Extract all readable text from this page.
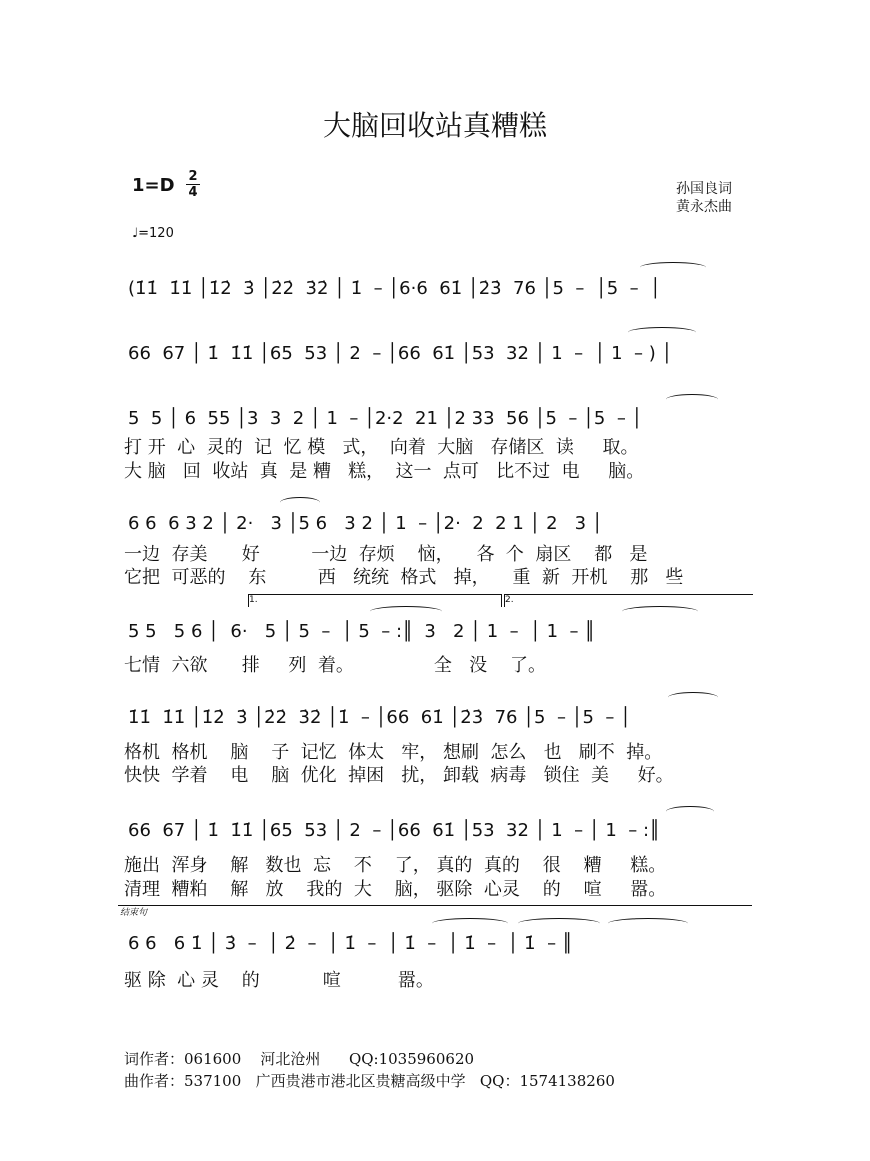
大脑回收站真糟糕
1=D 2
4
♩=120
孙国良词
黄永杰曲
(1̇1̇  1̇1̇ │1̇2̇  3̇ │2̇2̇  3̇2̇ │ 1̇  – │6·6  61̇ │2̇3̇  76 │5  –  │5  –  │
66  67 │ 1̇  1̇1̇ │65  53 │ 2  – │66  61̇ │53  32 │ 1  –  │ 1  – ) │
5  5 │ 6  55 │3  3  2 │ 1  – │2·2  21 │2 33  56 │5  – │5  – │
打 开  心  灵的  记  忆 模   式，  向着  大脑   存储区  读     取。
大 脑   回  收站  真  是 糟   糕，  这一  点可   比不过  电     脑。
6 6  6 3 2 │ 2·   3 │5 6   3 2 │ 1  – │2·  2  2 1 │ 2   3 │
一边  存美      好         一边  存烦    恼，    各  个  扇区    都   是
它把  可恶的    东         西   统统  格式   掉，    重  新  开机    那   些
1.	2.
5 5   5 6 │  6·   5 │ 5  –  │ 5  – :║  3   2 │ 1  –  │ 1  – ║
七情  六欲      排     列  着。              全   没    了。
1̇1̇  1̇1̇ │1̇2̇  3̇ │2̇2̇  3̇2̇ │1̇  – │66  61̇ │2̇3̇  76 │5  – │5  – │
格机  格机    脑    子  记忆  体太   牢， 想刷  怎么   也   刷不  掉。
快快  学着    电    脑  优化  掉困   扰， 卸载  病毒   锁住  美     好。
66  67 │ 1̇  1̇1̇ │65  53 │ 2  – │66  61̇ │53  32 │ 1  – │ 1  – :║
施出  浑身    解   数也  忘    不    了， 真的  真的    很    糟     糕。
清理  糟粕    解   放    我的  大    脑， 驱除  心灵    的    喧     嚣。
结束句
6 6   6 1̇ │ 3̇  –  │ 2̇  –  │ 1̇  –  │ 1̇  –  │ 1̇  –  │ 1̇  – ║
驱 除  心 灵    的           喧          嚣。
词作者：061600    河北沧州      QQ:1035960620
曲作者：537100   广西贵港市港北区贵糖高级中学   QQ：1574138260
